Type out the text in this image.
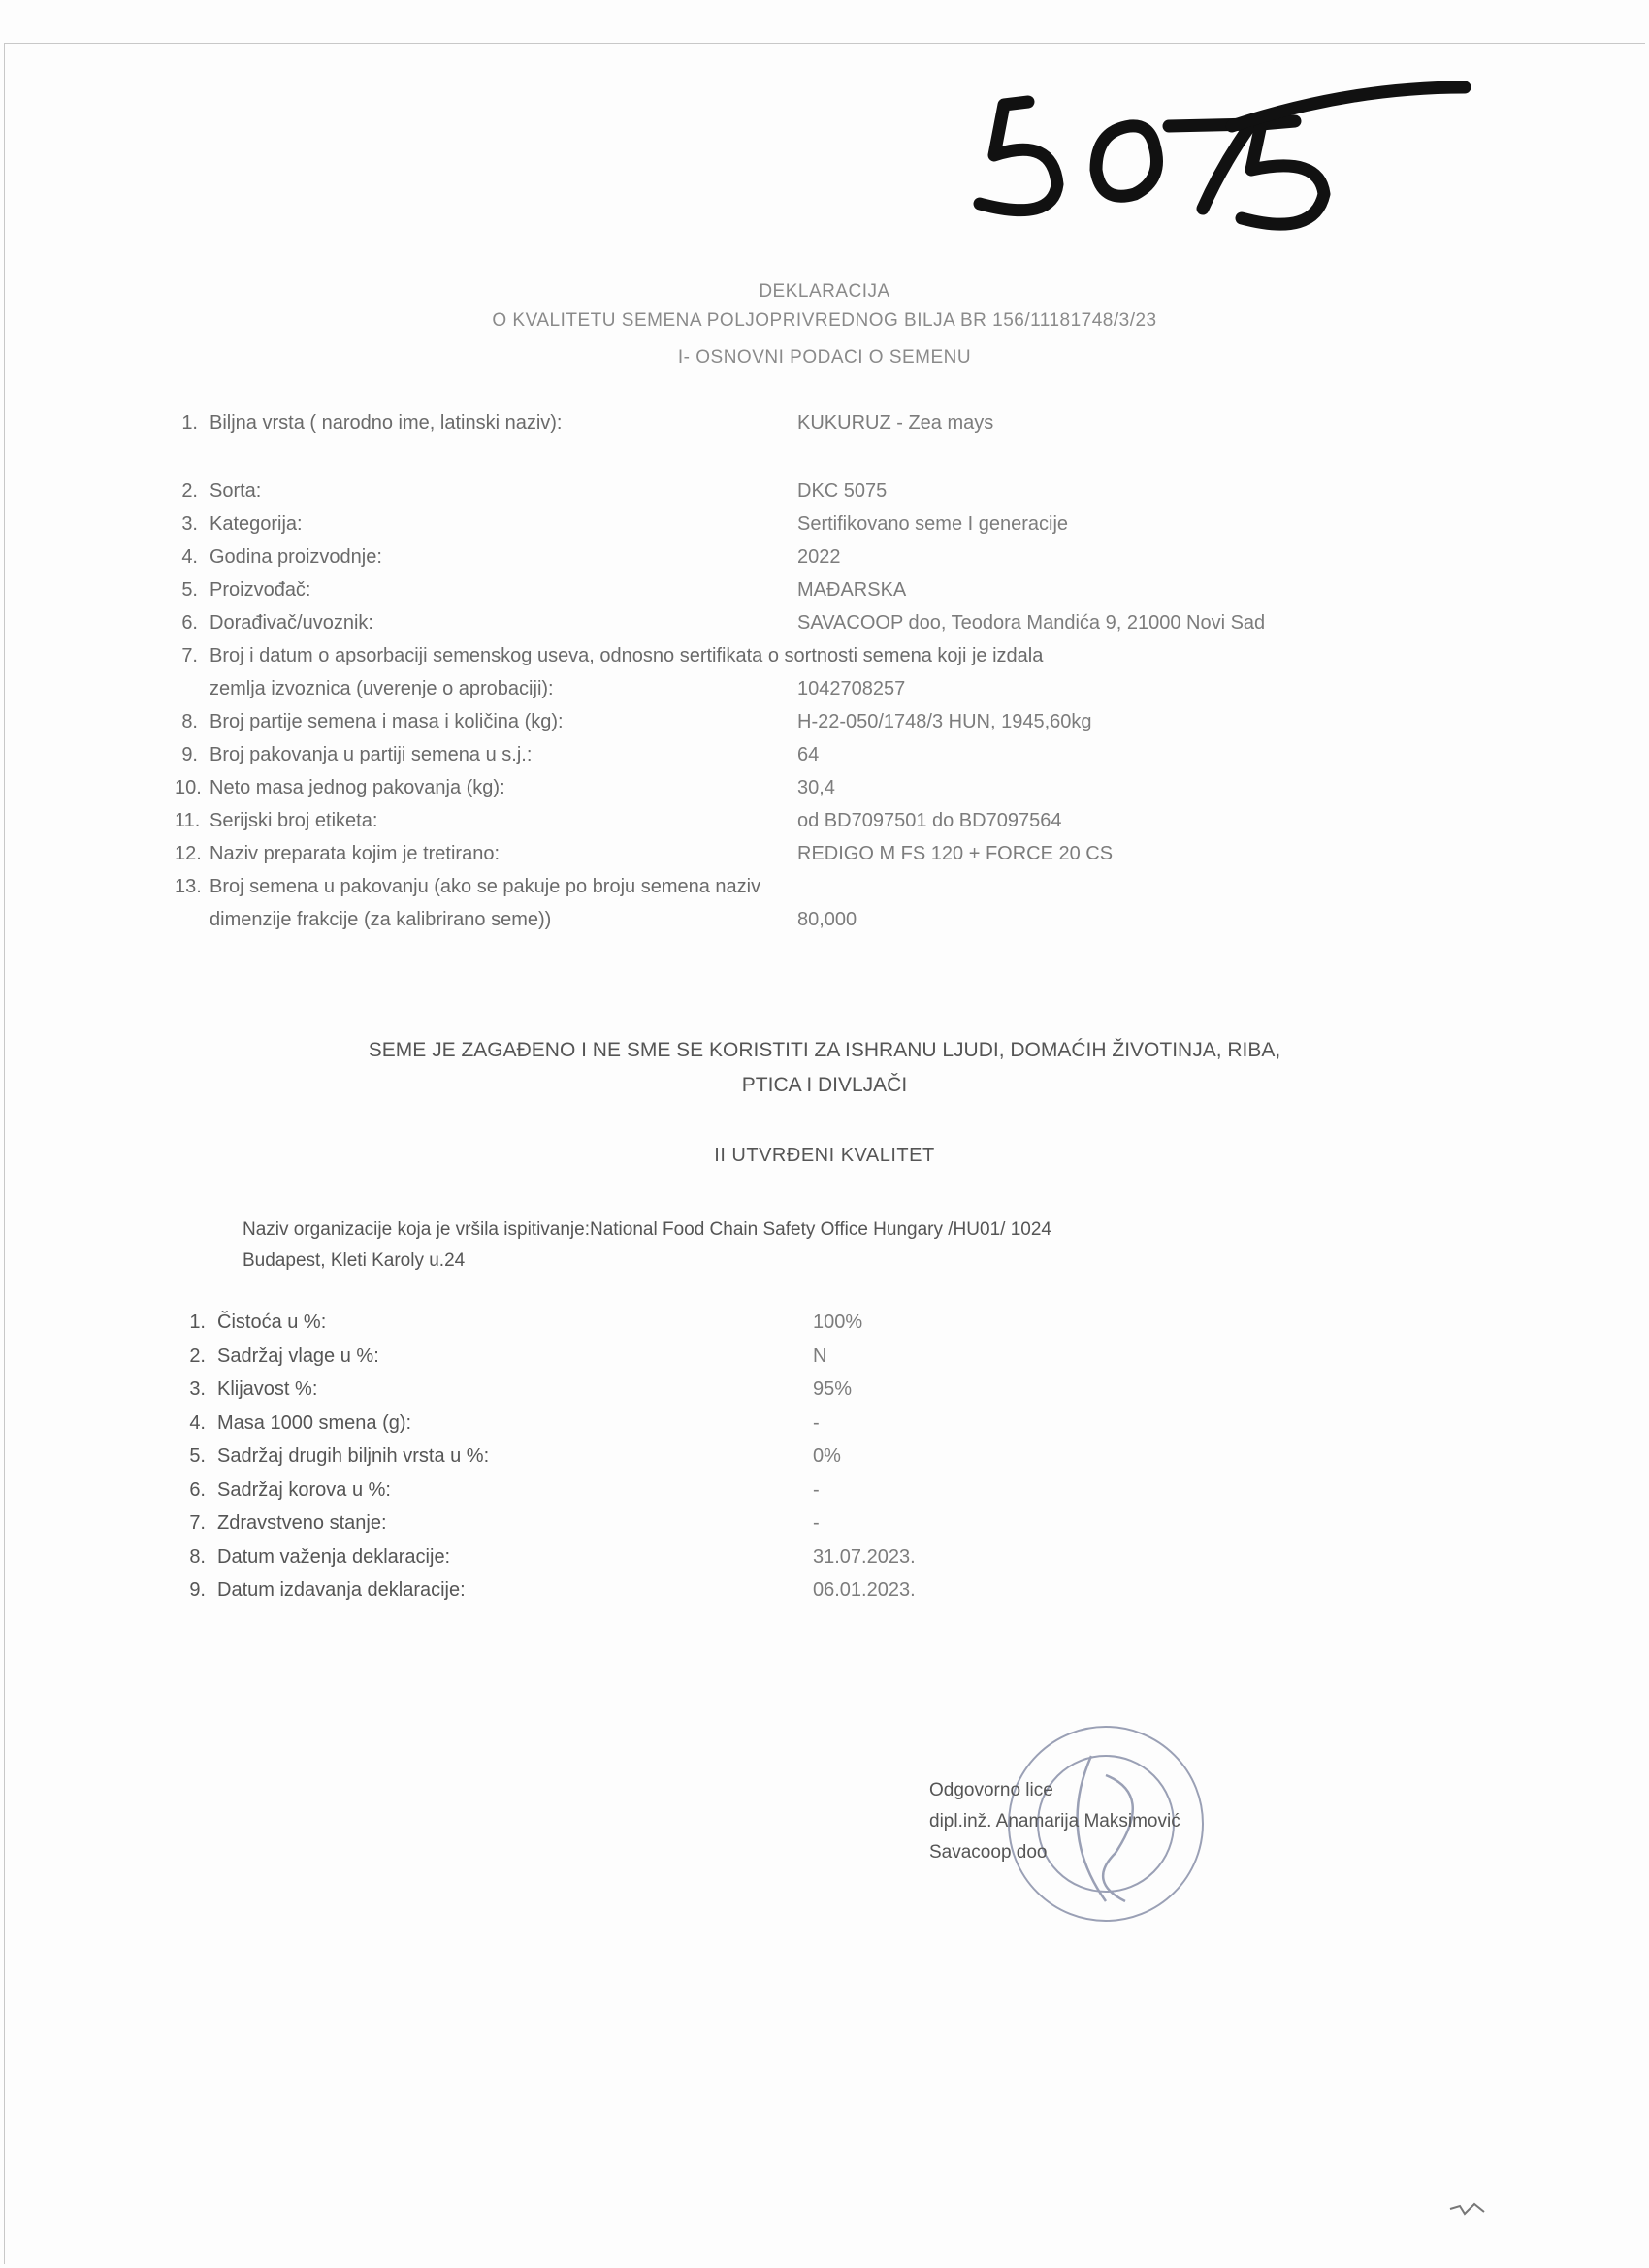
DEKLARACIJA
O KVALITETU SEMENA POLJOPRIVREDNOG BILJA BR 156/11181748/3/23
I- OSNOVNI PODACI O SEMENU
1. Biljna vrsta ( narodno ime, latinski naziv):	KUKURUZ - Zea mays
2. Sorta:	DKC 5075
3. Kategorija:	Sertifikovano seme I generacije
4. Godina proizvodnje:	2022
5. Proizvođač:	MAĐARSKA
6. Dorađivač/uvoznik:	SAVACOOP doo, Teodora Mandića 9, 21000 Novi Sad
7. Broj i datum o apsorbaciji semenskog useva, odnosno sertifikata o sortnosti semena koji je izdala
zemlja izvoznica (uverenje o aprobaciji):	1042708257
8. Broj partije semena i masa i količina (kg):	H-22-050/1748/3 HUN, 1945,60kg
9. Broj pakovanja u partiji semena u s.j.:	64
10. Neto masa jednog pakovanja (kg):	30,4
11. Serijski broj etiketa:	od BD7097501 do BD7097564
12. Naziv preparata kojim je tretirano:	REDIGO M FS 120 + FORCE 20 CS
13. Broj semena u pakovanju (ako se pakuje po broju semena naziv
dimenzije frakcije (za kalibrirano seme))	80,000
SEME JE ZAGAĐENO I NE SME SE KORISTITI ZA ISHRANU LJUDI, DOMAĆIH ŽIVOTINJA, RIBA,
PTICA I DIVLJAČI
II UTVRĐENI KVALITET
Naziv organizacije koja je vršila ispitivanje:National Food Chain Safety Office Hungary /HU01/ 1024
Budapest, Kleti Karoly u.24
1. Čistoća u %:	100%
2. Sadržaj vlage u %:	N
3. Klijavost %:	95%
4. Masa 1000 smena (g):	-
5. Sadržaj drugih biljnih vrsta u %:	0%
6. Sadržaj korova u %:	-
7. Zdravstveno stanje:	-
8. Datum važenja deklaracije:	31.07.2023.
9. Datum izdavanja deklaracije:	06.01.2023.
Odgovorno lice
dipl.inž. Anamarija Maksimović
Savacoop doo
